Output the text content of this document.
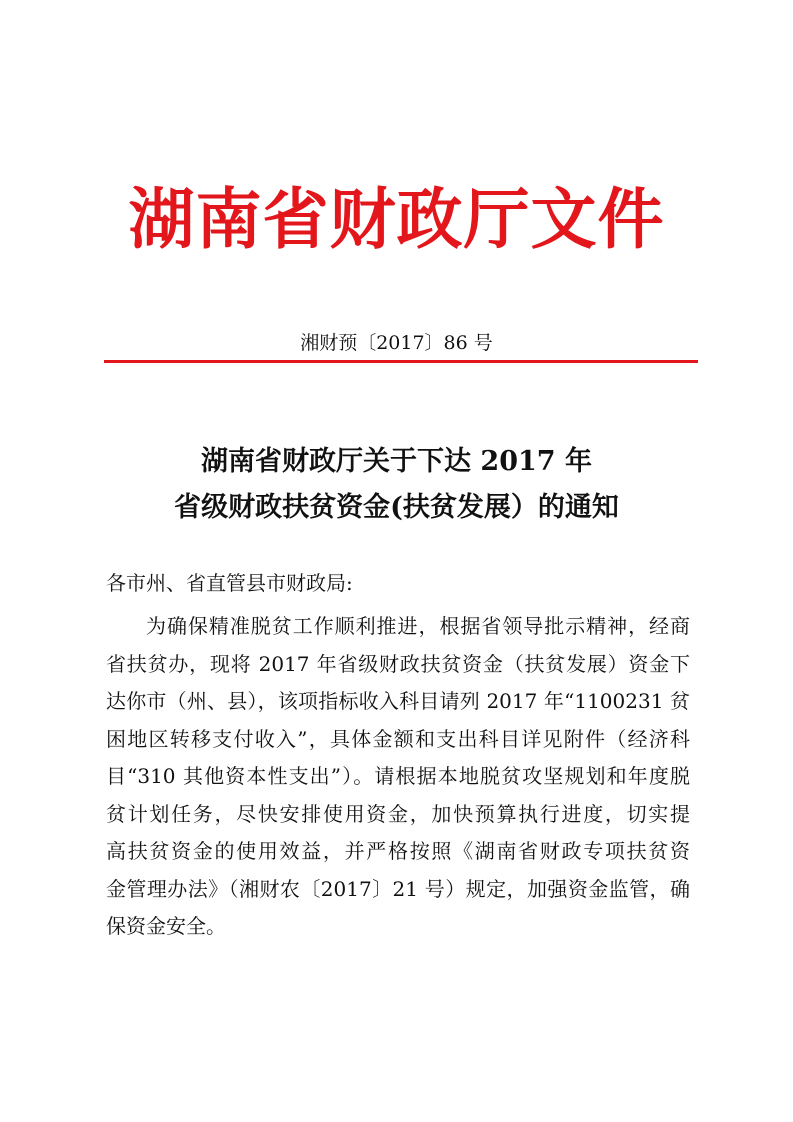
湖南省财政厅文件
湘财预〔2017〕86 号
湖南省财政厅关于下达 2017 年
省级财政扶贫资金(扶贫发展）的通知
各市州、省直管县市财政局:
为确保精准脱贫工作顺利推进，根据省领导批示精神，经商
省扶贫办，现将 2017 年省级财政扶贫资金（扶贫发展）资金下
达你市（州、县），该项指标收入科目请列 2017 年“1100231 贫
困地区转移支付收入”，具体金额和支出科目详见附件（经济科
目“310 其他资本性支出”）。请根据本地脱贫攻坚规划和年度脱
贫计划任务，尽快安排使用资金，加快预算执行进度，切实提
高扶贫资金的使用效益，并严格按照《湖南省财政专项扶贫资
金管理办法》（湘财农〔2017〕21 号）规定，加强资金监管，确
保资金安全。
